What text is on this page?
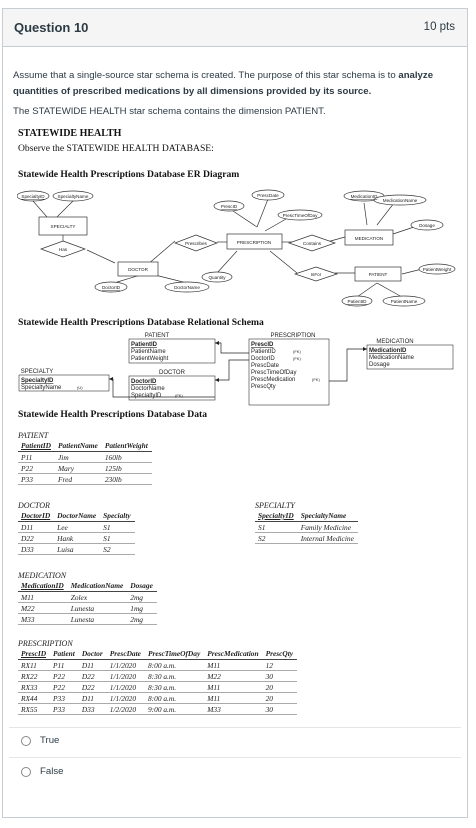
Question 10	10 pts
Assume that a single-source star schema is created. The purpose of this star schema is to analyze
quantities of prescribed medications by all dimensions provided by its source.
The STATEWIDE HEALTH star schema contains the dimension PATIENT.
STATEWIDE HEALTH
Observe the STATEWIDE HEALTH DATABASE:
Statewide Health Prescriptions Database ER Diagram
SpecialtyID	SpecialtyName
SPECIALTY
Has
DOCTOR
DoctorID	DoctorName
Prescribes	PRESCRIPTION
PrescID
PrescDate
PrescTimeOfDay
Quantity
Contains
MEDICATION
MedicationID
MedicationName
Dosage
IsFor	PATIENT
PatientID	PatientName
PatientWeight
Statewide Health Prescriptions Database Relational Schema
PATIENT
PatientID
PatientName
PatientWeight
DOCTOR
DoctorID
DoctorName
SpecialtyID	(FK)
SPECIALTY
SpecialtyID
SpecialtyName	(U)
PRESCRIPTION
PrescID
PatientID	(FK)
DoctorID	(FK)
PrescDate
PrescTimeOfDay
PrescMedication	(FK)
PrescQty
MEDICATION
MedicationID
MedicationName
Dosage
Statewide Health Prescriptions Database Data
PATIENT
PatientID	PatientName	PatientWeight
P11	Jim	160lb
P22	Mary	125lb
P33	Fred	230lb
DOCTOR
DoctorID	DoctorName	Specialty
D11	Lee	S1
D22	Hank	S1
D33	Luisa	S2
SPECIALTY
SpecialtyID	SpecialtyName
S1	Family Medicine
S2	Internal Medicine
MEDICATION
MedicationID	MedicationName	Dosage
M11	Zolex	2mg
M22	Lunesta	1mg
M33	Lunesta	2mg
PRESCRIPTION
PrescID	Patient	Doctor	PrescDate	PrescTimeOfDay	PrescMedication	PrescQty
RX11	P11	D11	1/1/2020	8:00 a.m.	M11	12
RX22	P22	D22	1/1/2020	8:30 a.m.	M22	30
RX33	P22	D22	1/1/2020	8:30 a.m.	M11	20
RX44	P33	D11	1/1/2020	8:00 a.m.	M11	20
RX55	P33	D33	1/2/2020	9:00 a.m.	M33	30
True
False
